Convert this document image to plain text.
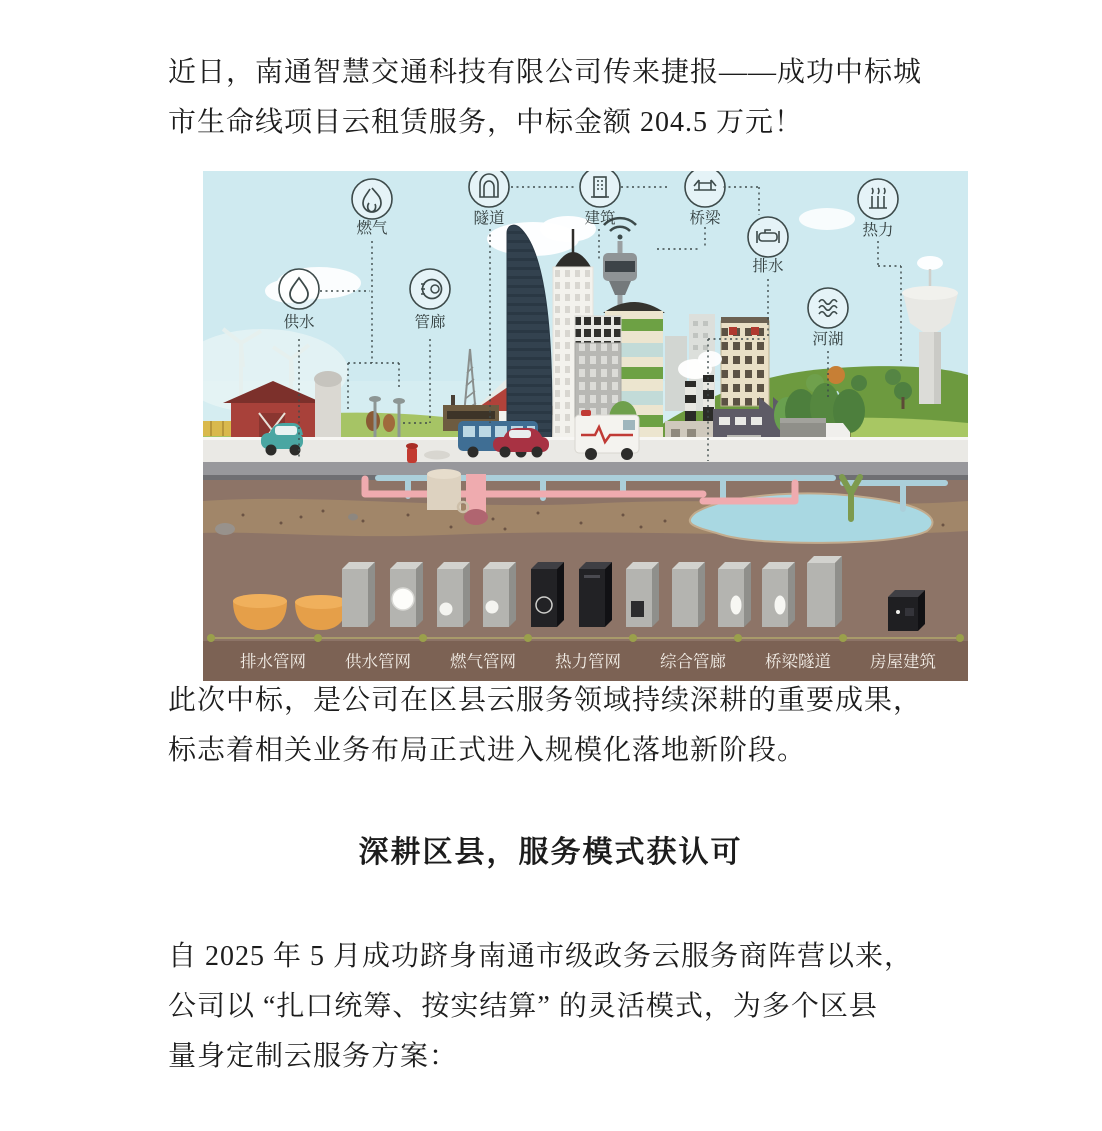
近日，南通智慧交通科技有限公司传来捷报——成功中标城
市生命线项目云租赁服务，中标金额 204.5 万元！

排水管网 供水管网 燃气管网 热力管网 综合管廊 桥梁隧道 房屋建筑
供水
燃气
管廊
隧道	建筑	桥梁
排水
热力
河湖

此次中标，是公司在区县云服务领域持续深耕的重要成果，
标志着相关业务布局正式进入规模化落地新阶段。

深耕区县，服务模式获认可

自 2025 年 5 月成功跻身南通市级政务云服务商阵营以来，
公司以 “扎口统筹、按实结算” 的灵活模式，为多个区县
量身定制云服务方案：
